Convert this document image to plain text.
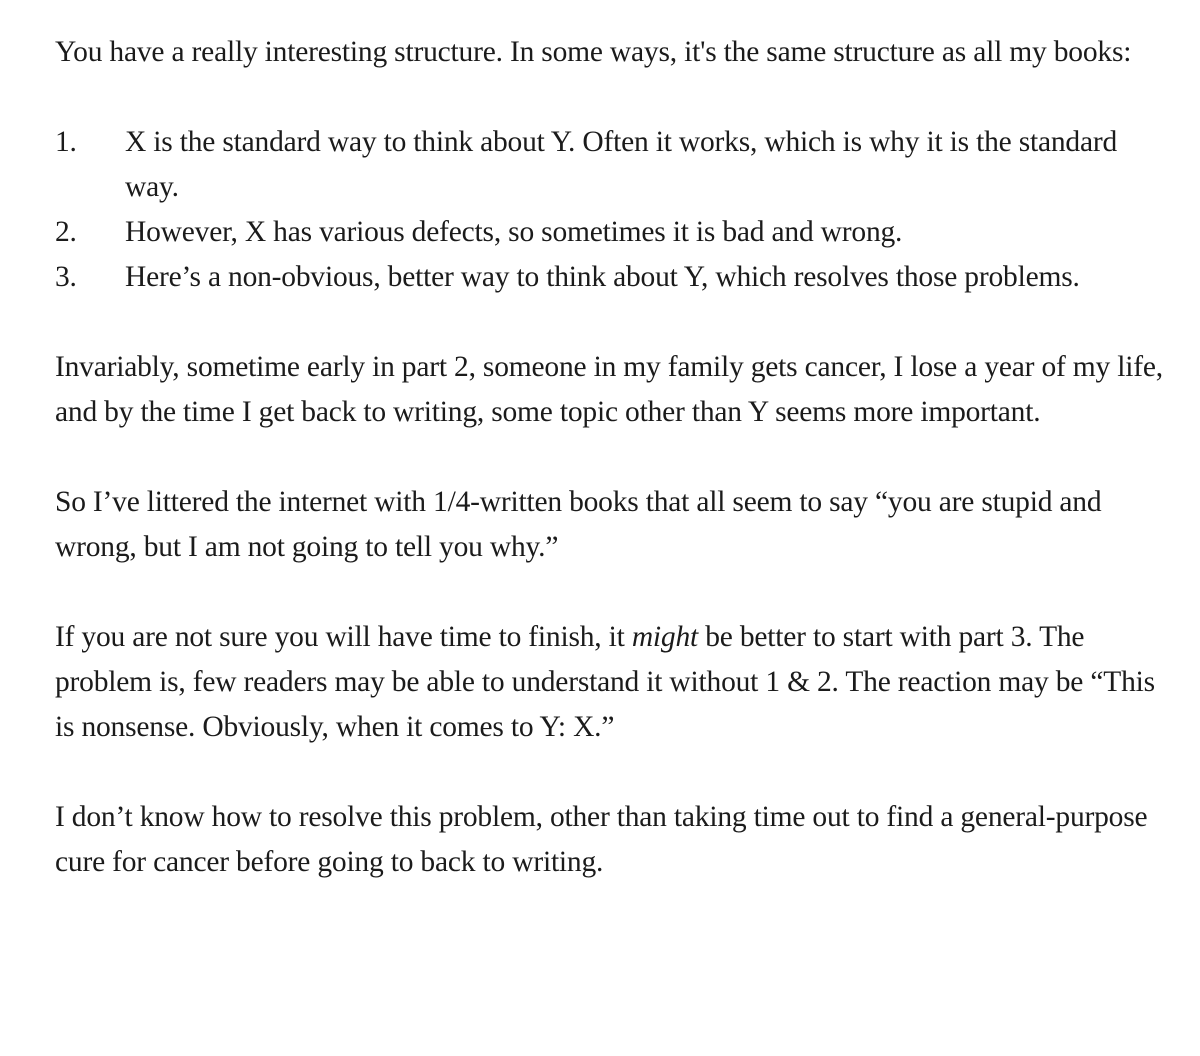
You have a really interesting structure. In some ways, it's the same structure as all my books:

1.	X is the standard way to think about Y. Often it works, which is why it is the standard way.
2.	However, X has various defects, so sometimes it is bad and wrong.
3.	Here’s a non-obvious, better way to think about Y, which resolves those problems.

Invariably, sometime early in part 2, someone in my family gets cancer, I lose a year of my life, and by the time I get back to writing, some topic other than Y seems more important.

So I’ve littered the internet with 1/4-written books that all seem to say “you are stupid and wrong, but I am not going to tell you why.”

If you are not sure you will have time to finish, it might be better to start with part 3. The problem is, few readers may be able to understand it without 1 & 2. The reaction may be “This is nonsense. Obviously, when it comes to Y: X.”

I don’t know how to resolve this problem, other than taking time out to find a general-purpose cure for cancer before going to back to writing.
